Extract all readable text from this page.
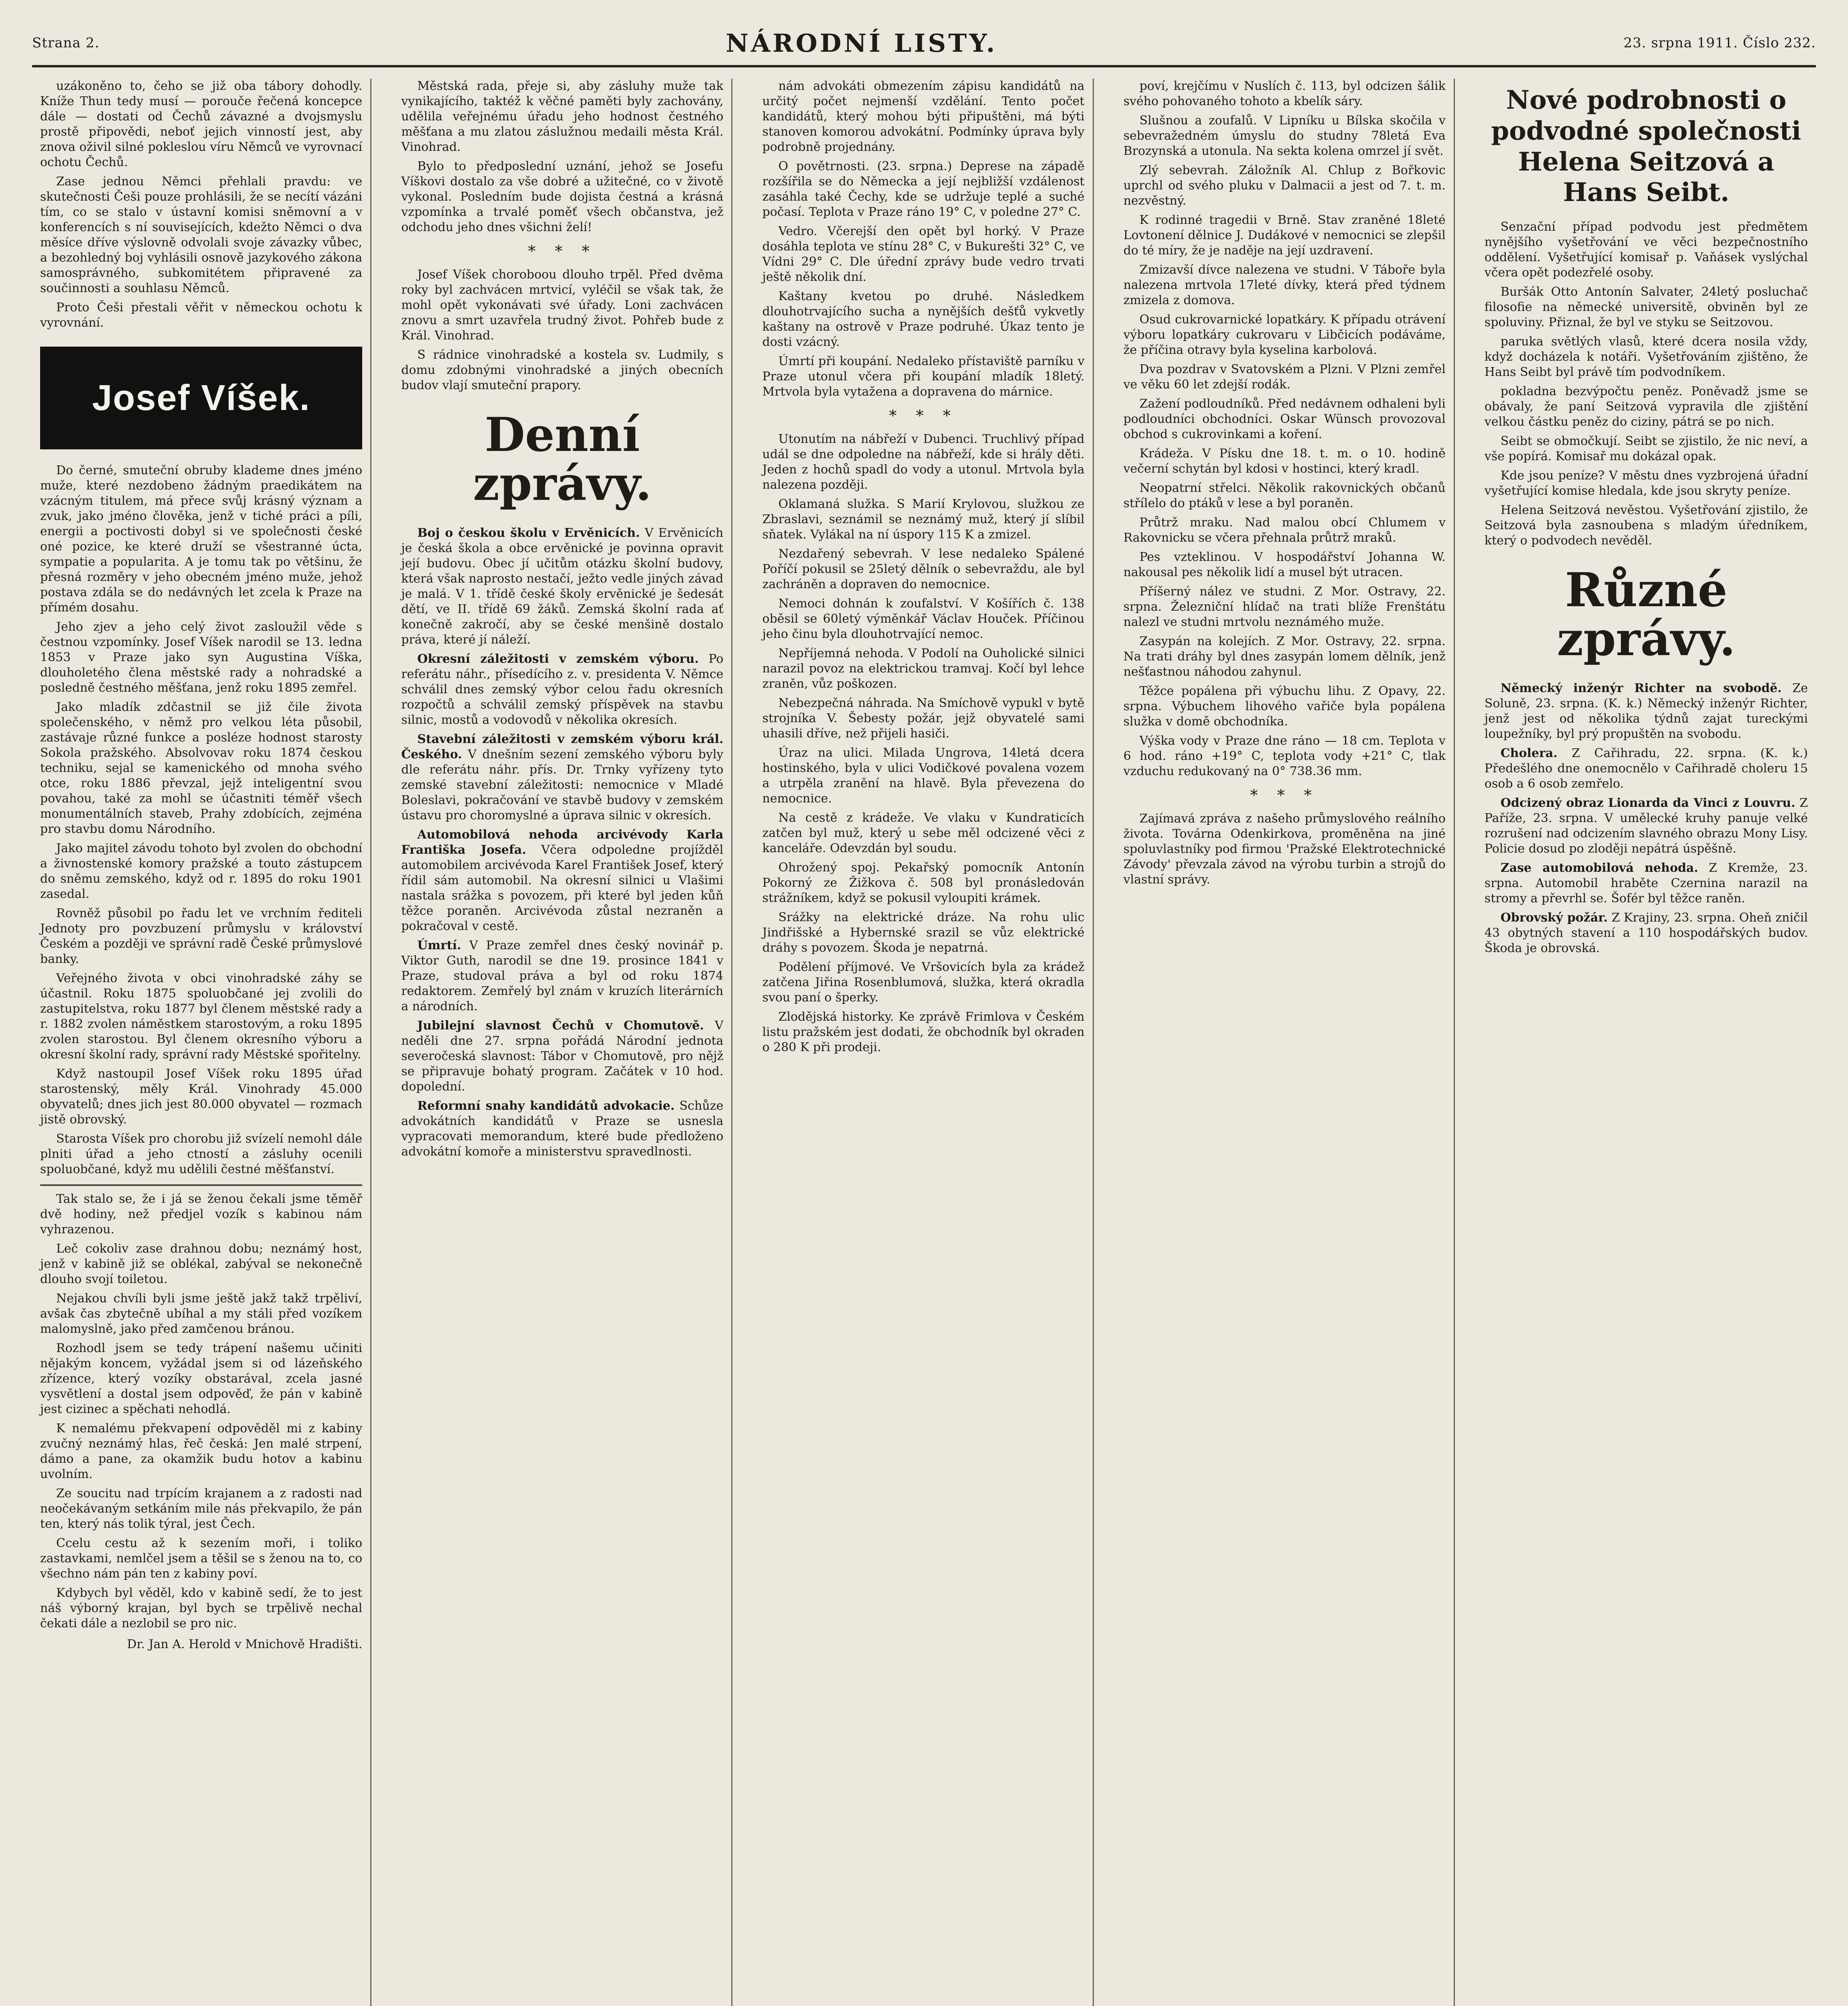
Strana 2.	NÁRODNÍ LISTY.	23. srpna 1911. Číslo 232.

uzákoněno to, čeho se již oba tábory dohodly. Kníže Thun tedy musí — porouče řečená koncepce dále — dostati od Čechů závazné a dvojsmyslu prostě připovědi, neboť jejich vinností jest, aby znova oživil silné pokleslou víru Němců ve vyrovnací ochotu Čechů.

Zase jednou Němci přehlali pravdu: ve skutečnosti Češi pouze prohlásili, že se necítí vázáni tím, co se stalo v ústavní komisi sněmovní a v konferencích s ní souvisejících, kdežto Němci o dva měsíce dříve výslovně odvolali svoje závazky vůbec, a bezohledný boj vyhlásili osnově jazykového zákona samosprávného, subkomitétem připravené za součinnosti a souhlasu Němců.

Proto Češi přestali věřit v německou ochotu k vyrovnání.

Josef Víšek.

Do černé, smuteční obruby klademe dnes jméno muže, které nezdobeno žádným praedikátem na vzácným titulem, má přece svůj krásný význam a zvuk, jako jméno člověka, jenž v tiché práci a píli, energii a poctivosti dobyl si ve společnosti české oné pozice, ke které druží se všestranné úcta, sympatie a popularita. A je tomu tak po většinu, že přesná rozměry v jeho obecném jméno muže, jehož postava zdála se do nedávných let zcela k Praze na přímém dosahu.

Jeho zjev a jeho celý život zasloužil věde s čestnou vzpomínky. Josef Víšek narodil se 13. ledna 1853 v Praze jako syn Augustina Víška, dlouholetého člena městské rady a nohradské a posledně čestného měšťana, jenž roku 1895 zemřel.

Jako mladík zdčastnil se již čile života společenského, v němž pro velkou léta působil, zastávaje různé funkce a posléze hodnost starosty Sokola pražského. Absolvovav roku 1874 českou techniku, sejal se kamenického od mnoha svého otce, roku 1886 převzal, jejž inteligentní svou povahou, také za mohl se účastniti téměř všech monumentálních staveb, Prahy zdobících, zejména pro stavbu domu Národního.

Jako majitel závodu tohoto byl zvolen do obchodní a živnostenské komory pražské a touto zástupcem do sněmu zemského, když od r. 1895 do roku 1901 zasedal.

Rovněž působil po řadu let ve vrchním řediteli Jednoty pro povzbuzení průmyslu v království Českém a později ve správní radě České průmyslové banky.

Veřejného života v obci vinohradské záhy se účastnil. Roku 1875 spoluobčané jej zvolili do zastupitelstva, roku 1877 byl členem městské rady a r. 1882 zvolen náměstkem starostovým, a roku 1895 zvolen starostou. Byl členem okresního výboru a okresní školní rady, správní rady Městské spořitelny.

Když nastoupil Josef Víšek roku 1895 úřad starostenský, měly Král. Vinohrady 45.000 obyvatelů; dnes jich jest 80.000 obyvatel — rozmach jistě obrovský.

Starosta Víšek pro chorobu již svízelí nemohl dále plniti úřad a jeho ctností a zásluhy ocenili spoluobčané, když mu udělili čestné měšťanství.

Tak stalo se, že i já se ženou čekali jsme těměř dvě hodiny, než předjel vozík s kabinou nám vyhrazenou.

Leč cokoliv zase drahnou dobu; neznámý host, jenž v kabině již se oblékal, zabýval se nekonečně dlouho svojí toiletou.

Nejakou chvíli byli jsme ještě jakž takž trpěliví, avšak čas zbytečně ubíhal a my stáli před vozíkem malomyslně, jako před zamčenou bránou.

Rozhodl jsem se tedy trápení našemu učiniti nějakým koncem, vyžádal jsem si od lázeňského zřízence, který vozíky obstarával, zcela jasné vysvětlení a dostal jsem odpověď, že pán v kabině jest cizinec a spěchati nehodlá.

K nemalému překvapení odpověděl mi z kabiny zvučný neznámý hlas, řeč česká: Jen malé strpení, dámo a pane, za okamžik budu hotov a kabinu uvolním.

Ze soucitu nad trpícím krajanem a z radosti nad neočekávaným setkáním mile nás překvapilo, že pán ten, který nás tolik týral, jest Čech.

Ccelu cestu až k sezením moři, i toliko zastavkami, nemlčel jsem a těšil se s ženou na to, co všechno nám pán ten z kabiny poví.

Kdybych byl věděl, kdo v kabině sedí, že to jest náš výborný krajan, byl bych se trpělivě nechal čekati dále a nezlobil se pro nic.

Dr. Jan A. Herold v Mnichově Hradišti.

Městská rada, přeje si, aby zásluhy muže tak vynikajícího, taktéž k věčné paměti byly zachovány, udělila veřejnému úřadu jeho hodnost čestného měšťana a mu zlatou záslužnou medaili města Král. Vinohrad.

Bylo to předposlední uznání, jehož se Josefu Víškovi dostalo za vše dobré a užitečné, co v životě vykonal. Posledním bude dojista čestná a krásná vzpomínka a trvalé poměť všech občanstva, jež odchodu jeho dnes všichni želí!

* * *

Josef Víšek choroboou dlouho trpěl. Před dvěma roky byl zachvácen mrtvicí, vyléčil se však tak, že mohl opět vykonávati své úřady. Loni zachvácen znovu a smrt uzavřela trudný život. Pohřeb bude z Král. Vinohrad.

S rádnice vinohradské a kostela sv. Ludmily, s domu zdobnými vinohradské a jiných obecních budov vlají smuteční prapory.

Denní zprávy.

Boj o českou školu v Ervěnicích. V Ervěnicích je česká škola a obce ervěnické je povinna opravit její budovu. Obec jí učitům otázku školní budovy, která však naprosto nestačí, ježto vedle jiných závad je malá. V 1. třídě české školy ervěnické je šedesát dětí, ve II. třídě 69 žáků. Zemská školní rada ať konečně zakročí, aby se české menšině dostalo práva, které jí náleží.

Okresní záležitosti v zemském výboru. Po referátu náhr., přísedícího z. v. presidenta V. Němce schválil dnes zemský výbor celou řadu okresních rozpočtů a schválil zemský příspěvek na stavbu silnic, mostů a vodovodů v několika okresích.

Stavební záležitosti v zemském výboru král. Českého. V dnešním sezení zemského výboru byly dle referátu náhr. přís. Dr. Trnky vyřízeny tyto zemské stavební záležitosti: nemocnice v Mladé Boleslavi, pokračování ve stavbě budovy v zemském ústavu pro choromyslné a úprava silnic v okresích.

Automobilová nehoda arcivévody Karla Františka Josefa. Včera odpoledne projížděl automobilem arcivévoda Karel František Josef, který řídil sám automobil. Na okresní silnici u Vlašimi nastala srážka s povozem, při které byl jeden kůň těžce poraněn. Arcivévoda zůstal nezraněn a pokračoval v cestě.

Úmrtí. V Praze zemřel dnes český novinář p. Viktor Guth, narodil se dne 19. prosince 1841 v Praze, studoval práva a byl od roku 1874 redaktorem. Zemřelý byl znám v kruzích literárních a národních.

Jubilejní slavnost Čechů v Chomutově. V neděli dne 27. srpna pořádá Národní jednota severočeská slavnost: Tábor v Chomutově, pro nějž se připravuje bohatý program. Začátek v 10 hod. dopolední.

Reformní snahy kandidátů advokacie. Schůze advokátních kandidátů v Praze se usnesla vypracovati memorandum, které bude předloženo advokátní komoře a ministerstvu spravedlnosti.

nám advokáti obmezením zápisu kandidátů na určitý počet nejmenší vzdělání. Tento počet kandidátů, který mohou býti připuštěni, má býti stanoven komorou advokátní. Podmínky úprava byly podrobně projednány.

O povětrnosti. (23. srpna.) Deprese na západě rozšířila se do Německa a její nejbližší vzdálenost zasáhla také Čechy, kde se udržuje teplé a suché počasí. Teplota v Praze ráno 19° C, v poledne 27° C.

Vedro. Včerejší den opět byl horký. V Praze dosáhla teplota ve stínu 28° C, v Bukurešti 32° C, ve Vídni 29° C. Dle úřední zprávy bude vedro trvati ještě několik dní.

Kaštany kvetou po druhé. Následkem dlouhotrvajícího sucha a nynějších dešťů vykvetly kaštany na ostrově v Praze podruhé. Úkaz tento je dosti vzácný.

Úmrtí při koupání. Nedaleko přístaviště parníku v Praze utonul včera při koupání mladík 18letý. Mrtvola byla vytažena a dopravena do márnice.

* * *

Utonutím na nábřeží v Dubenci. Truchlivý případ udál se dne odpoledne na nábřeží, kde si hrály děti. Jeden z hochů spadl do vody a utonul. Mrtvola byla nalezena později.

Oklamaná služka. S Marií Krylovou, služkou ze Zbraslavi, seznámil se neznámý muž, který jí slíbil sňatek. Vylákal na ní úspory 115 K a zmizel.

Nezdařený sebevrah. V lese nedaleko Spálené Poříčí pokusil se 25letý dělník o sebevraždu, ale byl zachráněn a dopraven do nemocnice.

Nemoci dohnán k zoufalství. V Košířích č. 138 oběsil se 60letý výměnkář Václav Houček. Příčinou jeho činu byla dlouhotrvající nemoc.

Nepříjemná nehoda. V Podolí na Ouholické silnici narazil povoz na elektrickou tramvaj. Kočí byl lehce zraněn, vůz poškozen.

Nebezpečná náhrada. Na Smíchově vypukl v bytě strojníka V. Šebesty požár, jejž obyvatelé sami uhasili dříve, než přijeli hasiči.

Úraz na ulici. Milada Ungrova, 14letá dcera hostinského, byla v ulici Vodičkové povalena vozem a utrpěla zranění na hlavě. Byla převezena do nemocnice.

Na cestě z krádeže. Ve vlaku v Kundraticích zatčen byl muž, který u sebe měl odcizené věci z kanceláře. Odevzdán byl soudu.

Ohrožený spoj. Pekařský pomocník Antonín Pokorný ze Žižkova č. 508 byl pronásledován strážníkem, když se pokusil vyloupiti krámek.

Srážky na elektrické dráze. Na rohu ulic Jindřišské a Hybernské srazil se vůz elektrické dráhy s povozem. Škoda je nepatrná.

Podělení příjmové. Ve Vršovicích byla za krádež zatčena Jiřina Rosenblumová, služka, která okradla svou paní o šperky.

Zlodějská historky. Ke zprávě Frimlova v Českém listu pražském jest dodati, že obchodník byl okraden o 280 K při prodeji.

poví, krejčímu v Nuslích č. 113, byl odcizen šálik svého pohovaného tohoto a kbelík sáry.

Slušnou a zoufalů. V Lipníku u Bílska skočila v sebevražedném úmyslu do studny 78letá Eva Brozynská a utonula. Na sekta kolena omrzel jí svět.

Zlý sebevrah. Záložník Al. Chlup z Bořkovic uprchl od svého pluku v Dalmacii a jest od 7. t. m. nezvěstný.

K rodinné tragedii v Brně. Stav zraněné 18leté Lovtonení dělnice J. Dudákové v nemocnici se zlepšil do té míry, že je naděje na její uzdravení.

Zmizavší dívce nalezena ve studni. V Táboře byla nalezena mrtvola 17leté dívky, která před týdnem zmizela z domova.

Osud cukrovarnické lopatkáry. K případu otrávení výboru lopatkáry cukrovaru v Libčicích podáváme, že příčina otravy byla kyselina karbolová.

Dva pozdrav v Svatovském a Plzni. V Plzni zemřel ve věku 60 let zdejší rodák.

Zažení podloudníků. Před nedávnem odhaleni byli podloudníci obchodníci. Oskar Wünsch provozoval obchod s cukrovinkami a koření.

Krádeža. V Písku dne 18. t. m. o 10. hodině večerní schytán byl kdosi v hostinci, který kradl.

Neopatrní střelci. Několik rakovnických občanů střílelo do ptáků v lese a byl poraněn.

Průtrž mraku. Nad malou obcí Chlumem v Rakovnicku se včera přehnala průtrž mraků.

Pes vzteklinou. V hospodářství Johanna W. nakousal pes několik lidí a musel být utracen.

Příšerný nález ve studni. Z Mor. Ostravy, 22. srpna. Železniční hlídač na trati blíže Frenštátu nalezl ve studni mrtvolu neznámého muže.

Zasypán na kolejích. Z Mor. Ostravy, 22. srpna. Na trati dráhy byl dnes zasypán lomem dělník, jenž nešťastnou náhodou zahynul.

Těžce popálena při výbuchu lihu. Z Opavy, 22. srpna. Výbuchem lihového vařiče byla popálena služka v domě obchodníka.

Výška vody v Praze dne ráno — 18 cm. Teplota v 6 hod. ráno +19° C, teplota vody +21° C, tlak vzduchu redukovaný na 0° 738.36 mm.

* * *

Zajímavá zpráva z našeho průmyslového reálního života. Továrna Odenkirkova, proměněna na jiné spoluvlastníky pod firmou 'Pražské Elektrotechnické Závody' převzala závod na výrobu turbin a strojů do vlastní správy.

Nové podrobnosti o podvodné společnosti Helena Seitzová a Hans Seibt.

Senzační případ podvodu jest předmětem nynějšího vyšetřování ve věci bezpečnostního oddělení. Vyšetřující komisař p. Vaňásek vyslýchal včera opět podezřelé osoby.

Buršák Otto Antonín Salvater, 24letý posluchač filosofie na německé universitě, obviněn byl ze spoluviny. Přiznal, že byl ve styku se Seitzovou.

paruka světlých vlasů, které dcera nosila vždy, když docházela k notáři. Vyšetřováním zjištěno, že Hans Seibt byl právě tím podvodníkem.

pokladna bezvýpočtu peněz. Poněvadž jsme se obávaly, že paní Seitzová vypravila dle zjištění velkou částku peněz do ciziny, pátrá se po nich.

Seibt se območkují. Seibt se zjistilo, že nic neví, a vše popírá. Komisař mu dokázal opak.

Kde jsou peníze? V městu dnes vyzbrojená úřadní vyšetřující komise hledala, kde jsou skryty peníze.

Helena Seitzová nevěstou. Vyšetřování zjistilo, že Seitzová byla zasnoubena s mladým úředníkem, který o podvodech nevěděl.

Různé zprávy.

Německý inženýr Richter na svobodě. Ze Soluně, 23. srpna. (K. k.) Německý inženýr Richter, jenž jest od několika týdnů zajat tureckými loupežníky, byl prý propuštěn na svobodu.

Cholera. Z Cařihradu, 22. srpna. (K. k.) Předešlého dne onemocnělo v Cařihradě choleru 15 osob a 6 osob zemřelo.

Odcizený obraz Lionarda da Vinci z Louvru. Z Paříže, 23. srpna. V umělecké kruhy panuje velké rozrušení nad odcizením slavného obrazu Mony Lisy. Policie dosud po zloději nepátrá úspěšně.

Zase automobilová nehoda. Z Kremže, 23. srpna. Automobil hraběte Czernina narazil na stromy a převrhl se. Šofér byl těžce raněn.

Obrovský požár. Z Krajiny, 23. srpna. Oheň zničil 43 obytných stavení a 110 hospodářských budov. Škoda je obrovská.
